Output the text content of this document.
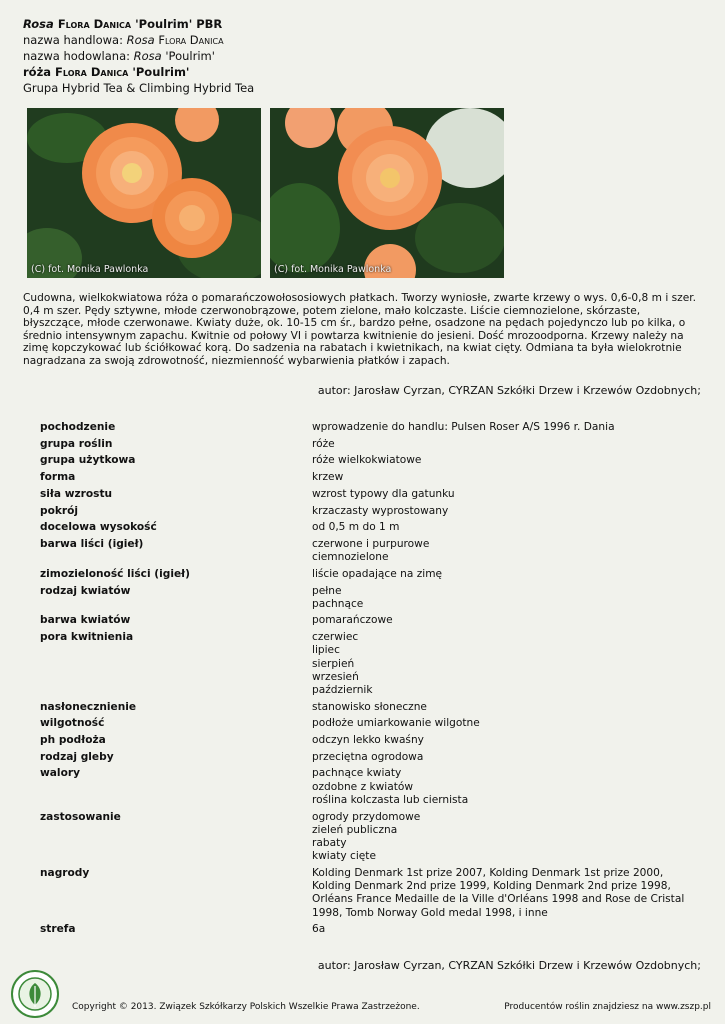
Rosa Flora Danica 'Poulrim' PBR
nazwa handlowa: Rosa Flora Danica
nazwa hodowlana: Rosa 'Poulrim'
róża Flora Danica 'Poulrim'
Grupa Hybrid Tea & Climbing Hybrid Tea
(C) fot. Monika Pawlonka	(C) fot. Monika Pawlonka
Cudowna, wielkokwiatowa róża o pomarańczowołososiowych płatkach. Tworzy wyniosłe, zwarte krzewy o wys. 0,6-0,8 m i szer. 0,4 m szer. Pędy sztywne, młode czerwonobrązowe, potem zielone, mało kolczaste. Liście ciemnozielone, skórzaste, błyszczące, młode czerwonawe. Kwiaty duże, ok. 10-15 cm śr., bardzo pełne, osadzone na pędach pojedynczo lub po kilka, o średnio intensywnym zapachu. Kwitnie od połowy VI i powtarza kwitnienie do jesieni. Dość mrozoodporna. Krzewy należy na zimę kopczykować lub ściółkować korą. Do sadzenia na rabatach i kwietnikach, na kwiat cięty. Odmiana ta była wielokrotnie nagradzana za swoją zdrowotność, niezmienność wybarwienia płatków i zapach.
autor: Jarosław Cyrzan, CYRZAN Szkółki Drzew i Krzewów Ozdobnych;
pochodzenie	wprowadzenie do handlu: Pulsen Roser A/S 1996 r. Dania
grupa roślin	róże
grupa użytkowa	róże wielkokwiatowe
forma	krzew
siła wzrostu	wzrost typowy dla gatunku
pokrój	krzaczasty wyprostowany
docelowa wysokość	od 0,5 m do 1 m
barwa liści (igieł)	czerwone i purpurowe
ciemnozielone
zimozieloność liści (igieł)	liście opadające na zimę
rodzaj kwiatów	pełne
pachnące
barwa kwiatów	pomarańczowe
pora kwitnienia	czerwiec
lipiec
sierpień
wrzesień
październik
nasłonecznienie	stanowisko słoneczne
wilgotność	podłoże umiarkowanie wilgotne
ph podłoża	odczyn lekko kwaśny
rodzaj gleby	przeciętna ogrodowa
walory	pachnące kwiaty
ozdobne z kwiatów
roślina kolczasta lub ciernista
zastosowanie	ogrody przydomowe
zieleń publiczna
rabaty
kwiaty cięte
nagrody	Kolding Denmark 1st prize 2007, Kolding Denmark 1st prize 2000, Kolding Denmark 2nd prize 1999, Kolding Denmark 2nd prize 1998, Orléans France Medaille de la Ville d'Orléans 1998 and Rose de Cristal 1998, Tomb Norway Gold medal 1998, i inne
strefa	6a
autor: Jarosław Cyrzan, CYRZAN Szkółki Drzew i Krzewów Ozdobnych;
Copyright © 2013. Związek Szkółkarzy Polskich Wszelkie Prawa Zastrzeżone.	Producentów roślin znajdziesz na www.zszp.pl
